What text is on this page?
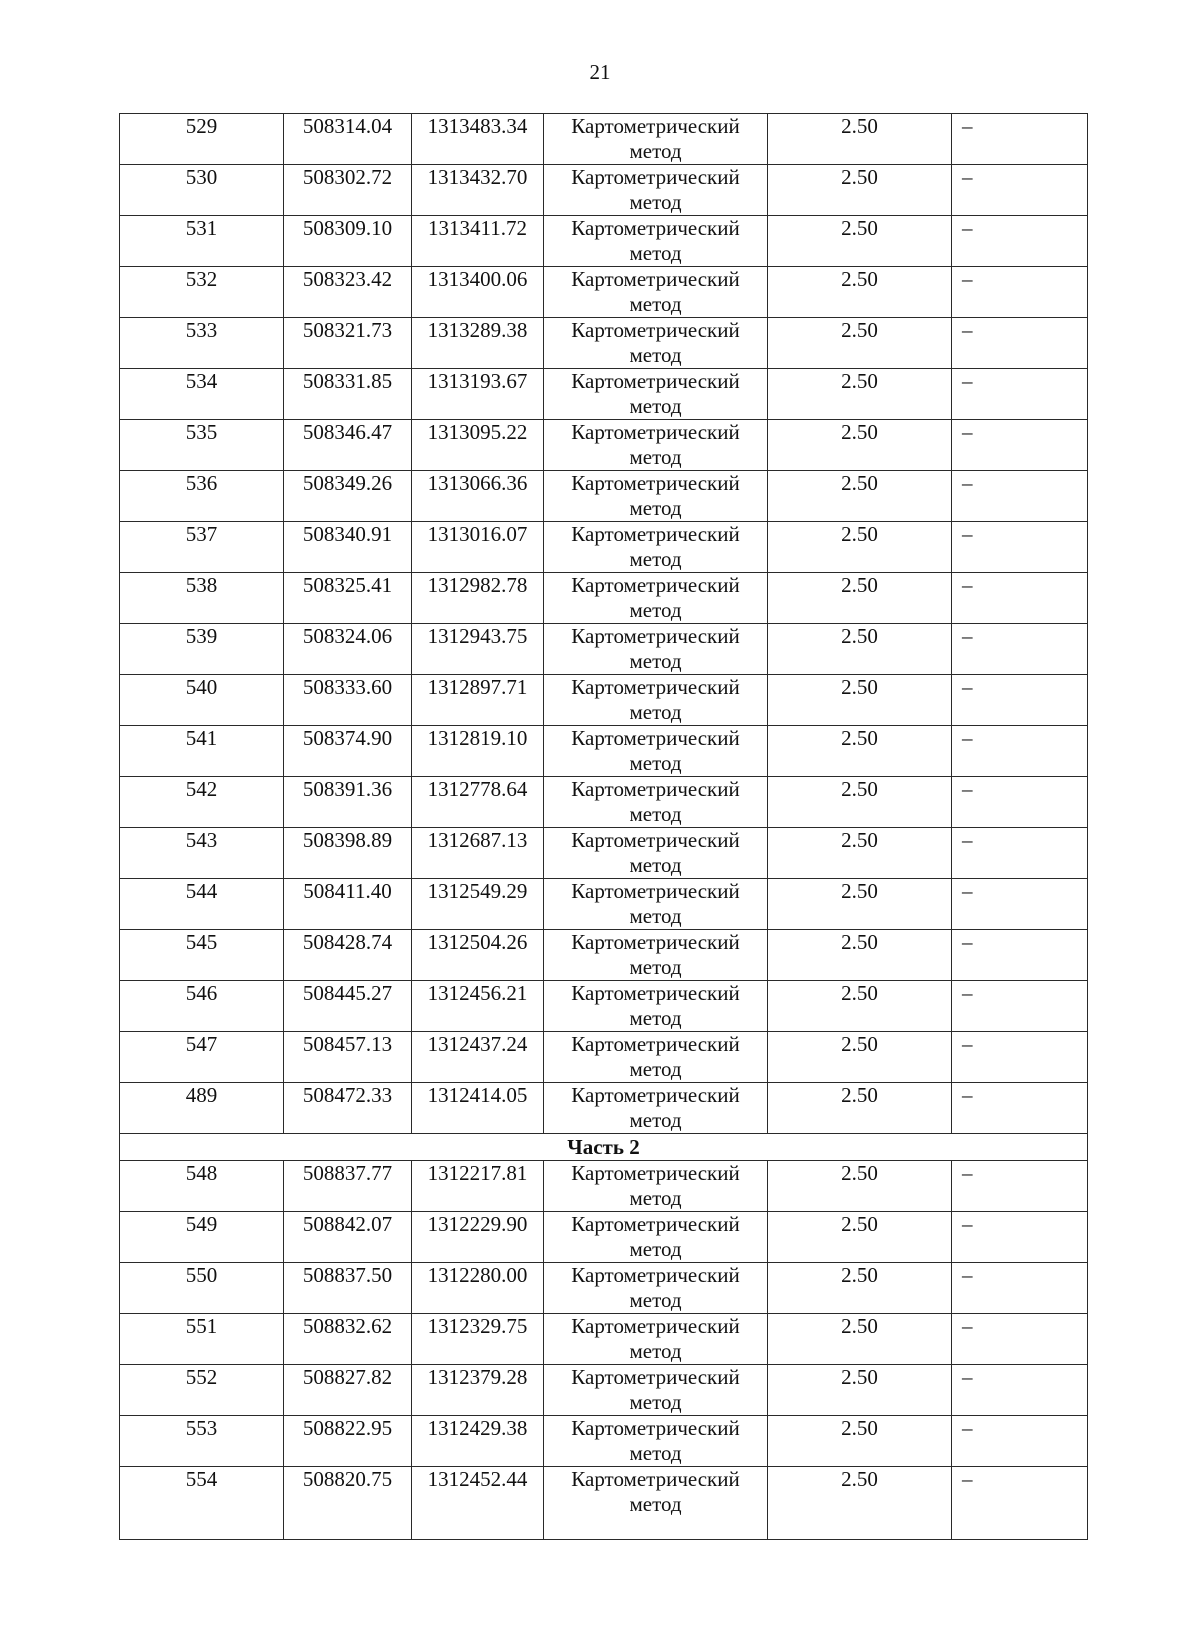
21
529	508314.04	1313483.34	Картометрический метод	2.50	–
530	508302.72	1313432.70	Картометрический метод	2.50	–
531	508309.10	1313411.72	Картометрический метод	2.50	–
532	508323.42	1313400.06	Картометрический метод	2.50	–
533	508321.73	1313289.38	Картометрический метод	2.50	–
534	508331.85	1313193.67	Картометрический метод	2.50	–
535	508346.47	1313095.22	Картометрический метод	2.50	–
536	508349.26	1313066.36	Картометрический метод	2.50	–
537	508340.91	1313016.07	Картометрический метод	2.50	–
538	508325.41	1312982.78	Картометрический метод	2.50	–
539	508324.06	1312943.75	Картометрический метод	2.50	–
540	508333.60	1312897.71	Картометрический метод	2.50	–
541	508374.90	1312819.10	Картометрический метод	2.50	–
542	508391.36	1312778.64	Картометрический метод	2.50	–
543	508398.89	1312687.13	Картометрический метод	2.50	–
544	508411.40	1312549.29	Картометрический метод	2.50	–
545	508428.74	1312504.26	Картометрический метод	2.50	–
546	508445.27	1312456.21	Картометрический метод	2.50	–
547	508457.13	1312437.24	Картометрический метод	2.50	–
489	508472.33	1312414.05	Картометрический метод	2.50	–
Часть 2					
548	508837.77	1312217.81	Картометрический метод	2.50	–
549	508842.07	1312229.90	Картометрический метод	2.50	–
550	508837.50	1312280.00	Картометрический метод	2.50	–
551	508832.62	1312329.75	Картометрический метод	2.50	–
552	508827.82	1312379.28	Картометрический метод	2.50	–
553	508822.95	1312429.38	Картометрический метод	2.50	–
554	508820.75	1312452.44	Картометрический метод	2.50	–
